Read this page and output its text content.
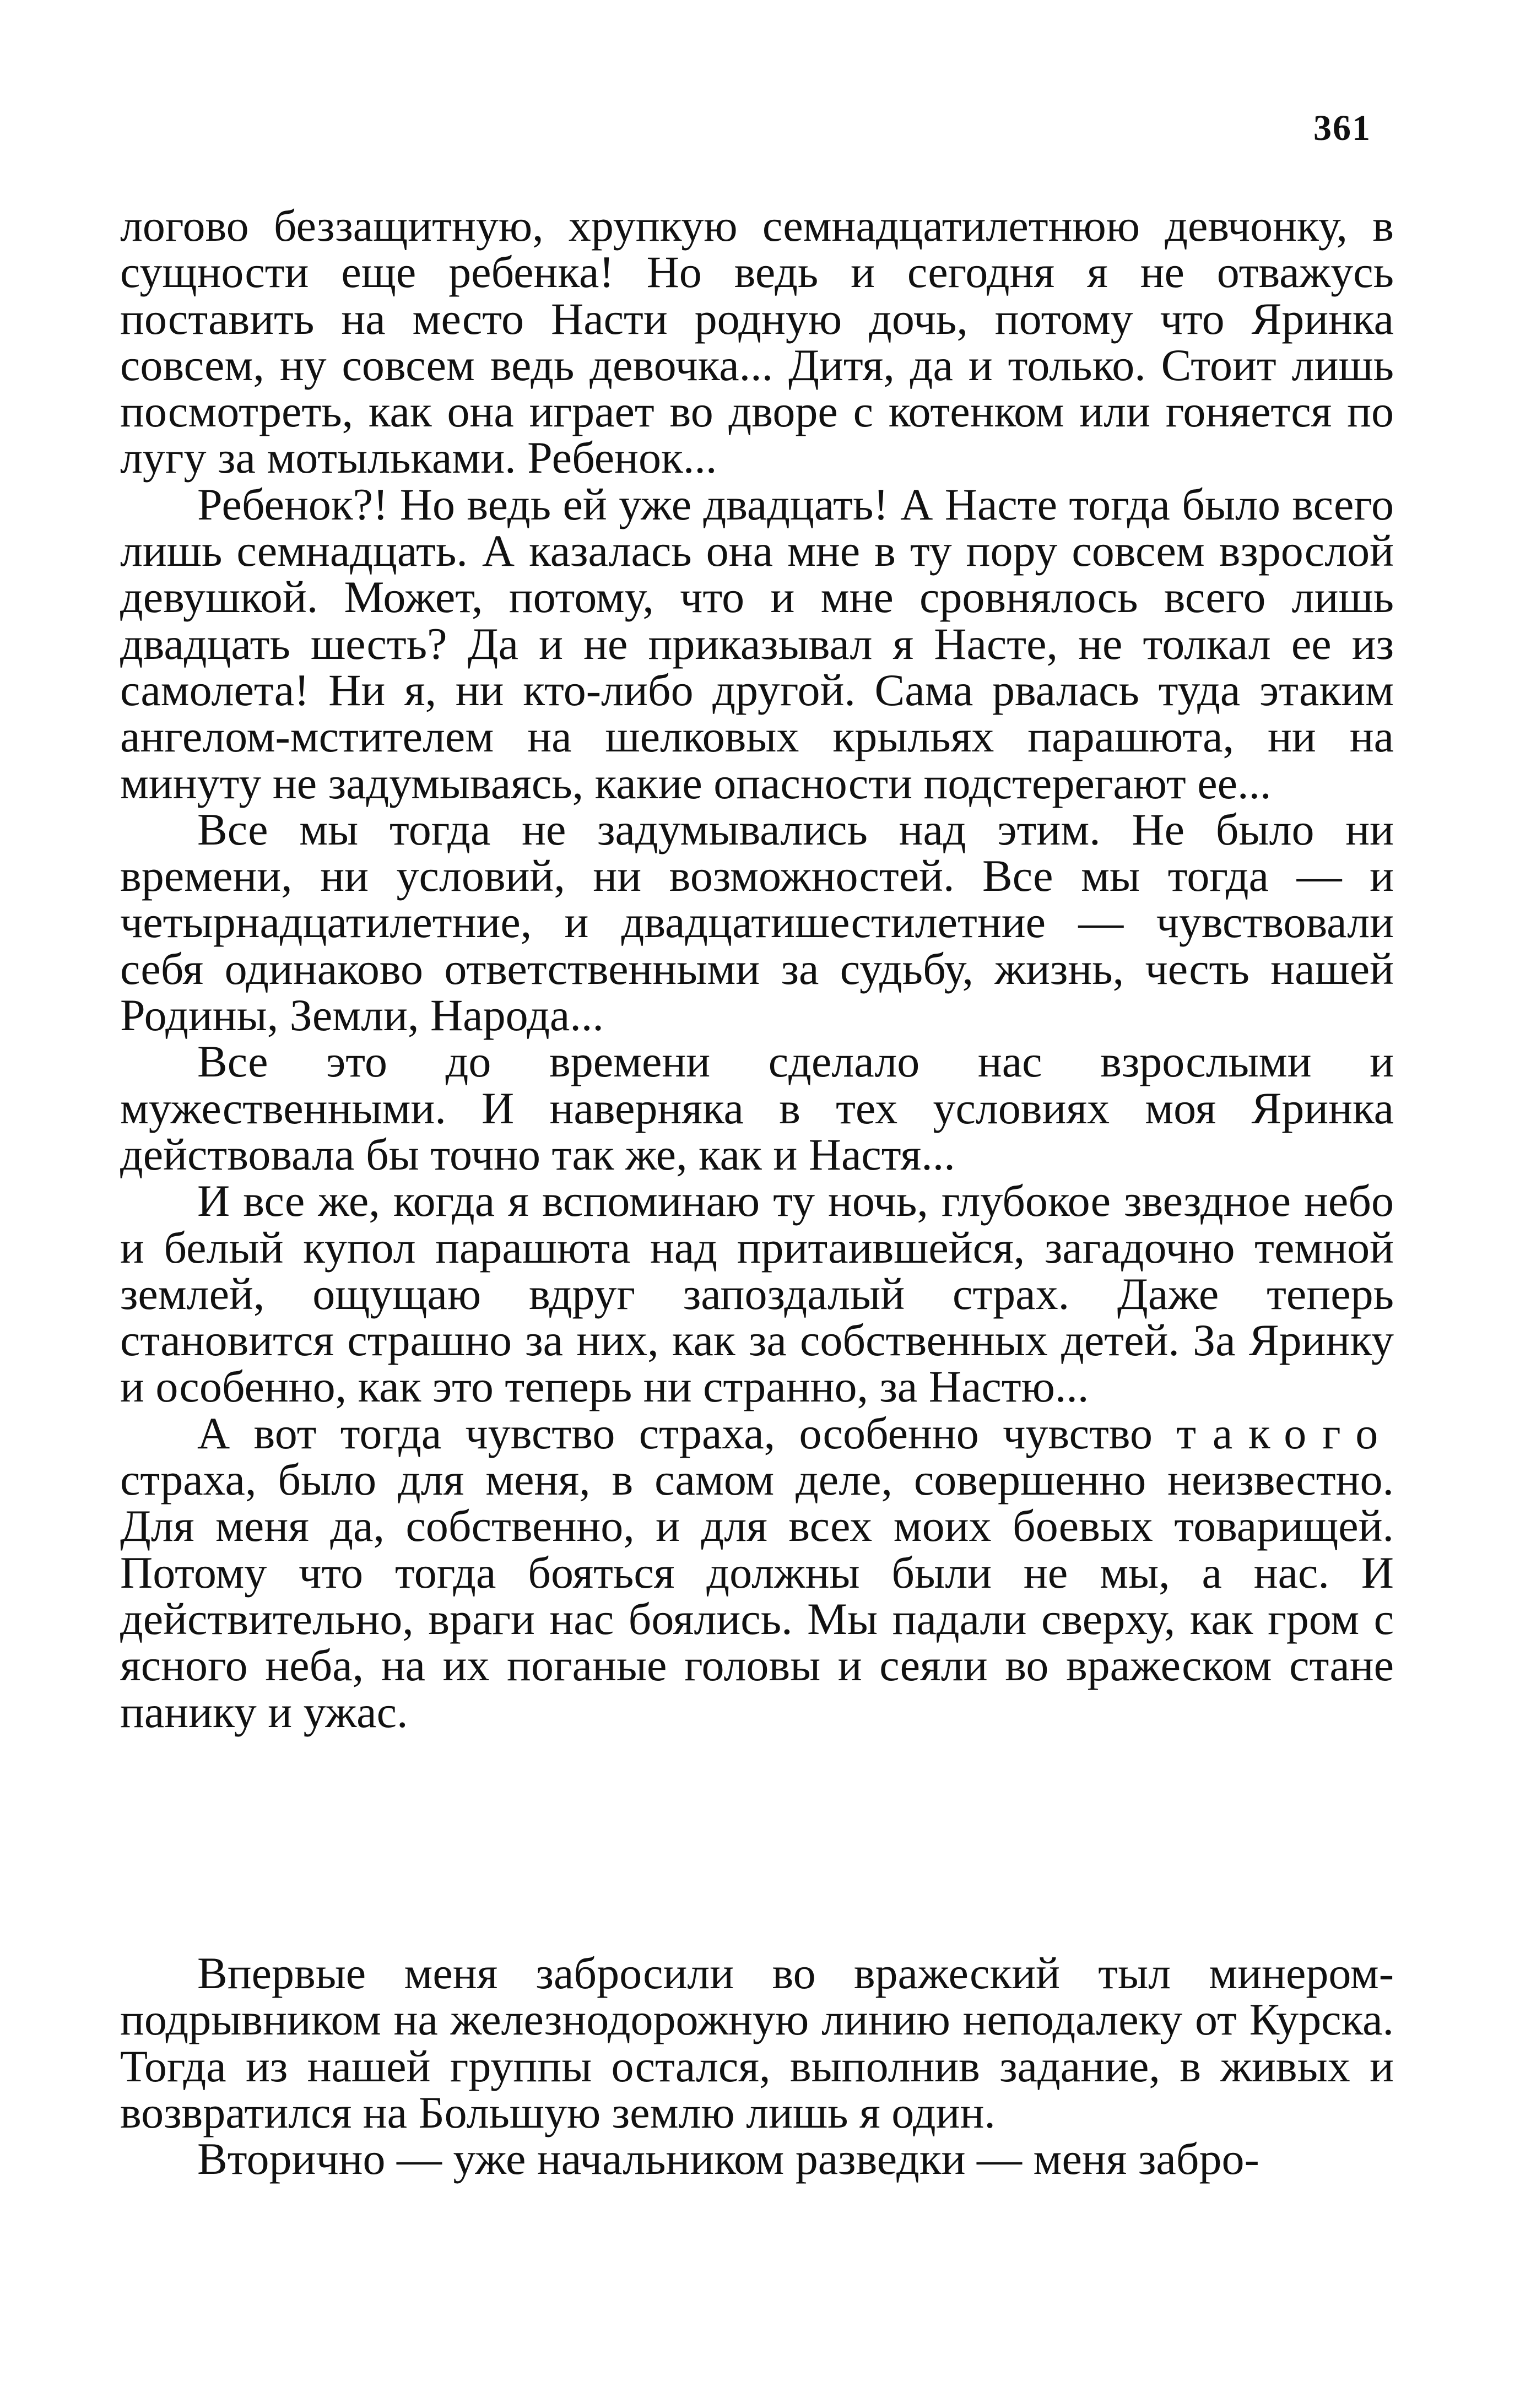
361

логово беззащитную, хрупкую семнадцатилетнюю девчонку, в сущности еще ребенка! Но ведь и сегодня я не отважусь поставить на место Насти родную дочь, потому что Яринка совсем, ну совсем ведь девочка... Дитя, да и только. Стоит лишь посмотреть, как она играет во дворе с котенком или гоняется по лугу за мотыльками. Ребенок...

Ребенок?! Но ведь ей уже двадцать! А Насте тогда было всего лишь семнадцать. А казалась она мне в ту пору совсем взрослой девушкой. Может, потому, что и мне сровнялось всего лишь двадцать шесть? Да и не приказывал я Насте, не толкал ее из самолета! Ни я, ни кто-либо другой. Сама рвалась туда этаким ангелом-мстителем на шелковых крыльях парашюта, ни на минуту не задумываясь, какие опасности подстерегают ее...

Все мы тогда не задумывались над этим. Не было ни времени, ни условий, ни возможностей. Все мы тогда — и четырнадцатилетние, и двадцатишестилетние — чувствовали себя одинаково ответственными за судьбу, жизнь, честь нашей Родины, Земли, Народа...

Все это до времени сделало нас взрослыми и мужественными. И наверняка в тех условиях моя Яринка действовала бы точно так же, как и Настя...

И все же, когда я вспоминаю ту ночь, глубокое звездное небо и белый купол парашюта над притаившейся, загадочно темной землей, ощущаю вдруг запоздалый страх. Даже теперь становится страшно за них, как за собственных детей. За Яринку и особенно, как это теперь ни странно, за Настю...

А вот тогда чувство страха, особенно чувство такого страха, было для меня, в самом деле, совершенно неизвестно. Для меня да, собственно, и для всех моих боевых товарищей. Потому что тогда бояться должны были не мы, а нас. И действительно, враги нас боялись. Мы падали сверху, как гром с ясного неба, на их поганые головы и сеяли во вражеском стане панику и ужас.

Впервые меня забросили во вражеский тыл минером-подрывником на железнодорожную линию неподалеку от Курска. Тогда из нашей группы остался, выполнив задание, в живых и возвратился на Большую землю лишь я один.

Вторично — уже начальником разведки — меня забро-
